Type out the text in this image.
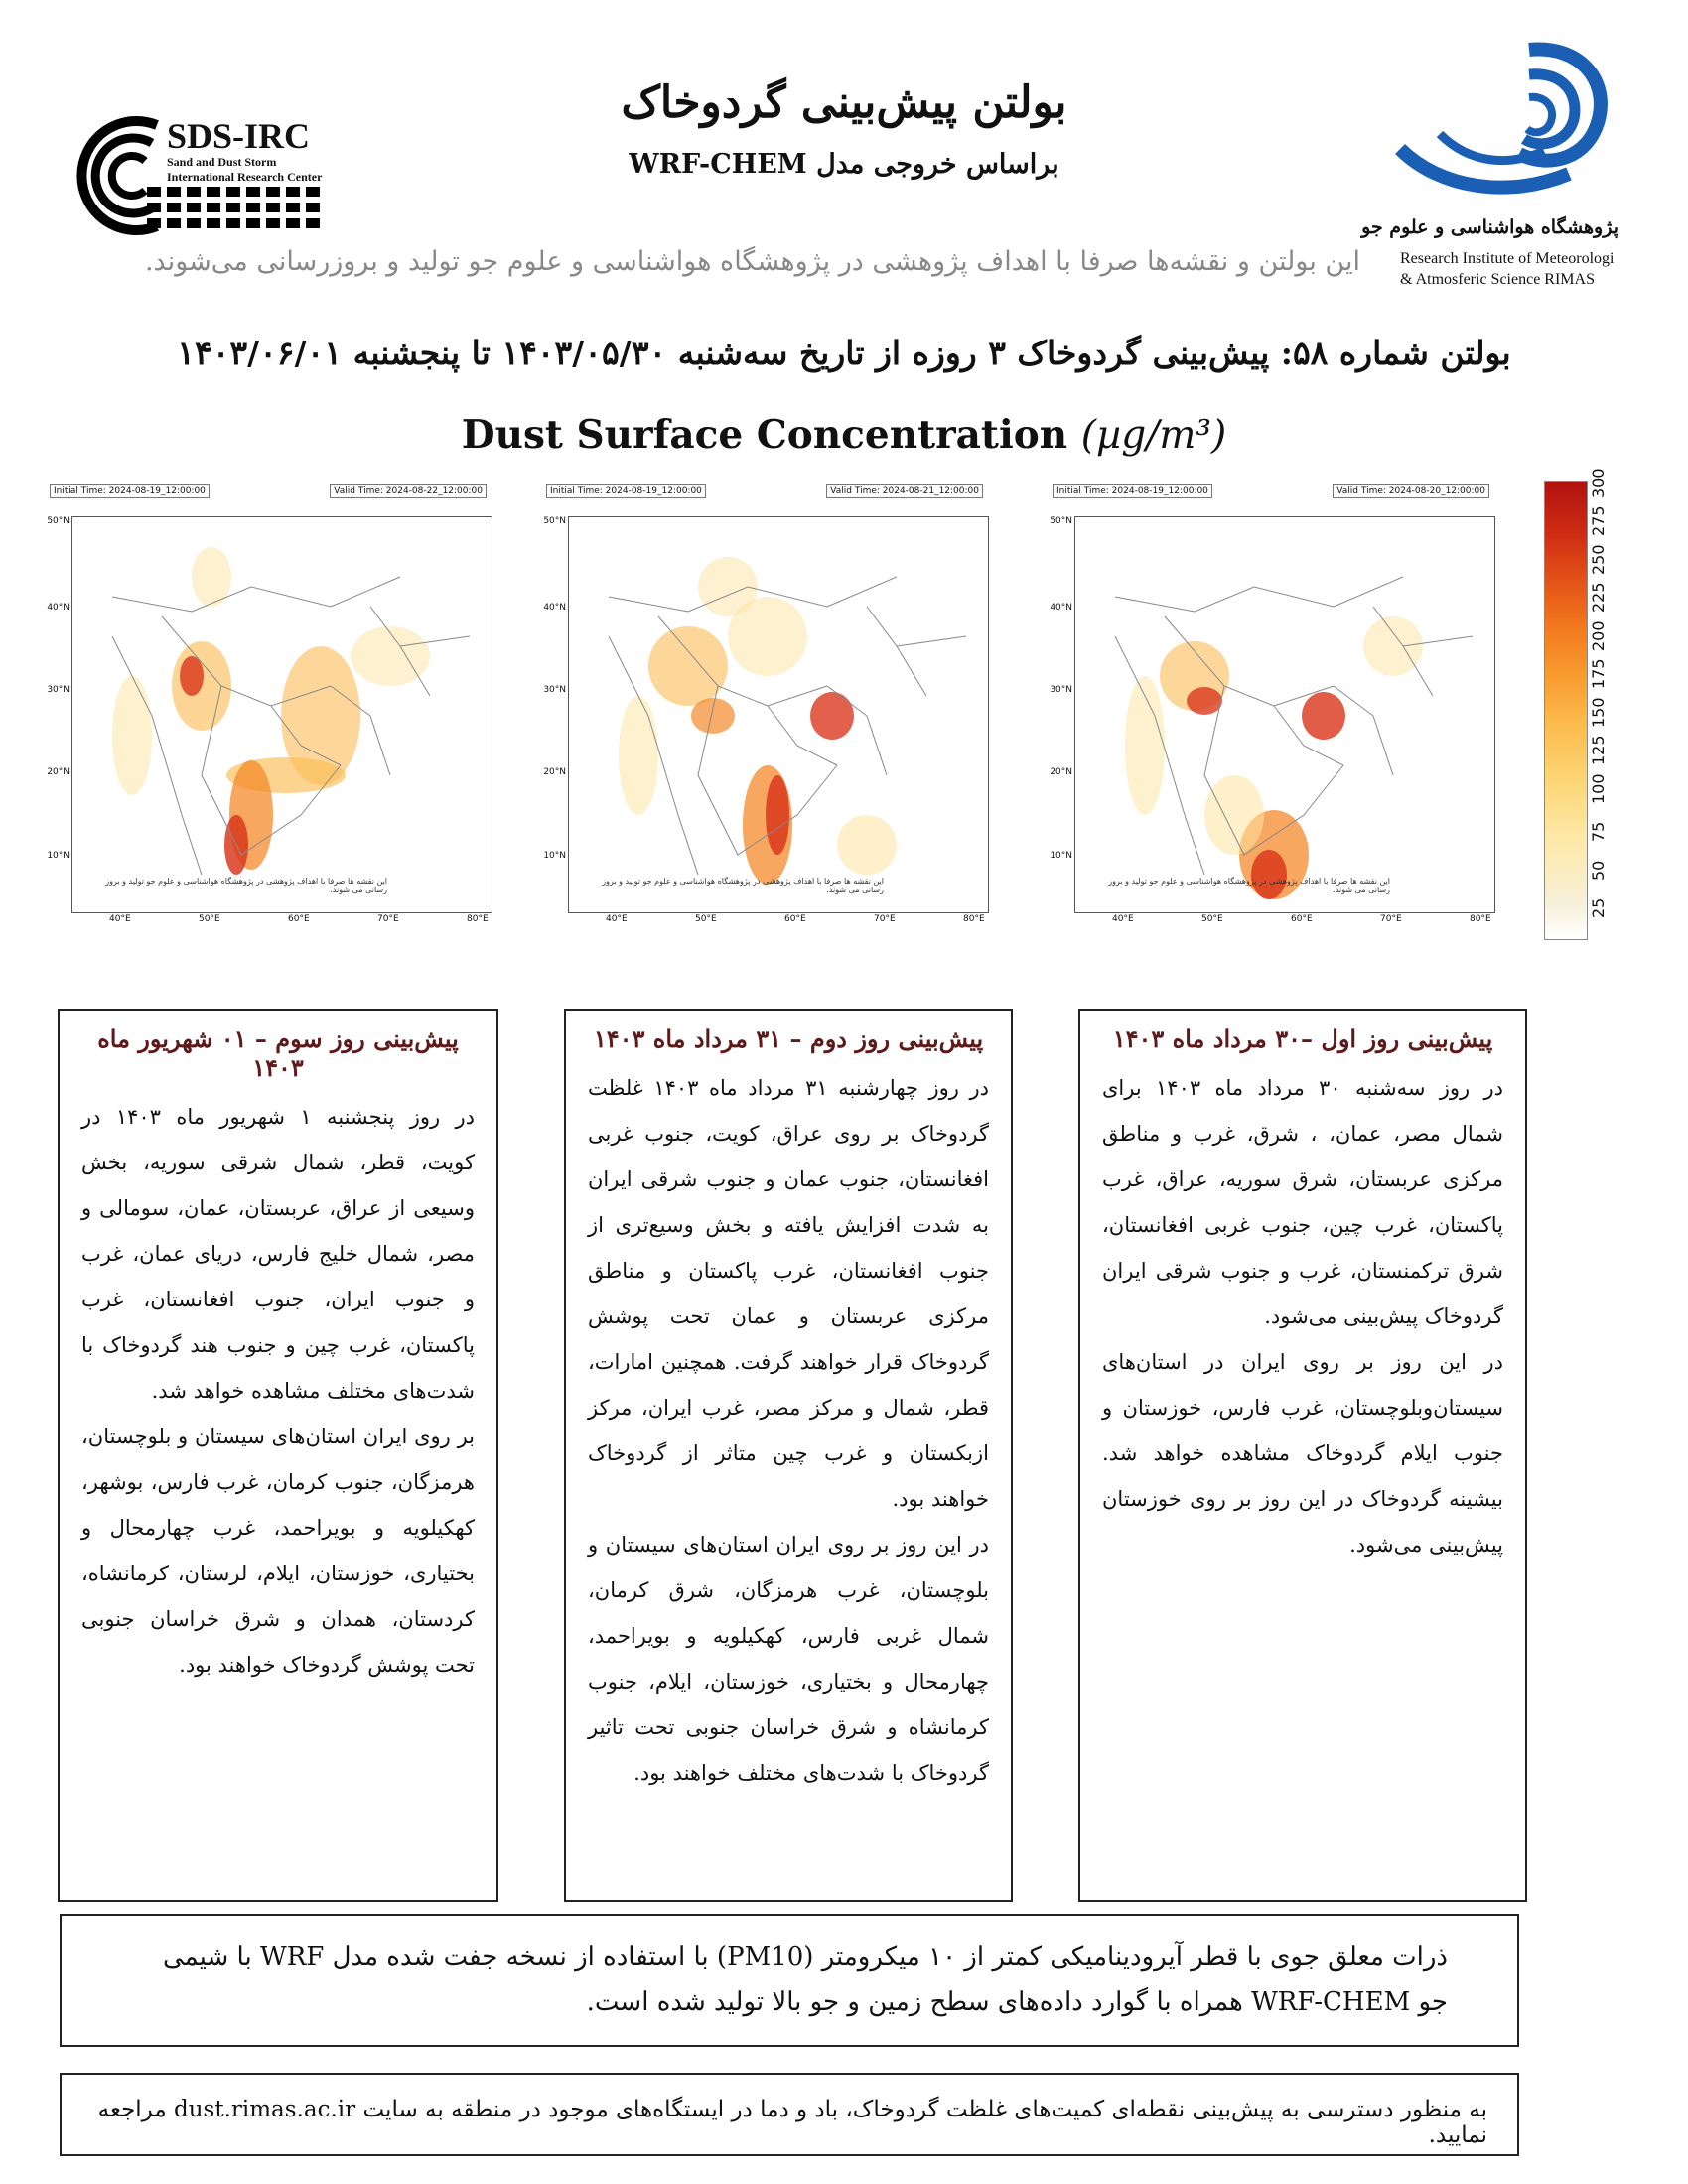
SDS-IRC
Sand and Dust Storm
International Research Center
پژوهشگاه هواشناسی و علوم جو
Research Institute of Meteorologi
& Atmosferic Science RIMAS
بولتن پیش‌بینی گردوخاک
براساس خروجی مدل WRF-CHEM
این بولتن و نقشه‌ها صرفا با اهداف پژوهشی در پژوهشگاه هواشناسی و علوم جو تولید و بروزرسانی می‌شوند.
بولتن شماره ۵۸: پیش‌بینی گردوخاک ۳ روزه از تاریخ سه‌شنبه ۱۴۰۳/۰۵/۳۰ تا پنجشنبه ۱۴۰۳/۰۶/۰۱
Dust Surface Concentration (µg/m³)
Initial Time: 2024-08-19_12:00:00	Valid Time: 2024-08-22_12:00:00
این نقشه ها صرفا با اهداف پژوهشی در پژوهشگاه هواشناسی و علوم جو تولید و بروز رسانی می شوند.
50°N
40°N
30°N
20°N
10°N
40°E	50°E	60°E	70°E	80°E
Initial Time: 2024-08-19_12:00:00	Valid Time: 2024-08-21_12:00:00
این نقشه ها صرفا با اهداف پژوهشی در پژوهشگاه هواشناسی و علوم جو تولید و بروز رسانی می شوند.
50°N
40°N
30°N
20°N
10°N
40°E	50°E	60°E	70°E	80°E
Initial Time: 2024-08-19_12:00:00	Valid Time: 2024-08-20_12:00:00
این نقشه ها صرفا با اهداف پژوهشی در پژوهشگاه هواشناسی و علوم جو تولید و بروز رسانی می شوند.
50°N
40°N
30°N
20°N
10°N
40°E	50°E	60°E	70°E	80°E
25
50
75
100
125
150
175
200
225
250
275
300
پیش‌بینی روز سوم – ۰۱ شهریور ماه ۱۴۰۳

در روز پنجشنبه ۱ شهریور ماه ۱۴۰۳ در کویت، قطر، شمال شرقی سوریه، بخش وسیعی از عراق، عربستان، عمان، سومالی و مصر، شمال خلیج فارس، دریای عمان، غرب و جنوب ایران، جنوب افغانستان، غرب پاکستان، غرب چین و جنوب هند گردوخاک با شدت‌های مختلف مشاهده خواهد شد.

بر روی ایران استان‌های سیستان و بلوچستان، هرمزگان، جنوب کرمان، غرب فارس، بوشهر، کهکیلویه و بویراحمد، غرب چهارمحال و بختیاری، خوزستان، ایلام، لرستان، کرمانشاه، کردستان، همدان و شرق خراسان جنوبی تحت پوشش گردوخاک خواهند بود.

پیش‌بینی روز دوم – ۳۱ مرداد ماه ۱۴۰۳

در روز چهارشنبه ۳۱ مرداد ماه ۱۴۰۳ غلظت گردوخاک بر روی عراق، کویت، جنوب غربی افغانستان، جنوب عمان و جنوب شرقی ایران به شدت افزایش یافته و بخش وسیع‌تری از جنوب افغانستان، غرب پاکستان و مناطق مرکزی عربستان و عمان تحت پوشش گردوخاک قرار خواهند گرفت. همچنین امارات، قطر، شمال و مرکز مصر، غرب ایران، مرکز ازبکستان و غرب چین متاثر از گردوخاک خواهند بود.

در این روز بر روی ایران استان‌های سیستان و بلوچستان، غرب هرمزگان، شرق کرمان، شمال غربی فارس، کهکیلویه و بویراحمد، چهارمحال و بختیاری، خوزستان، ایلام، جنوب کرمانشاه و شرق خراسان جنوبی تحت تاثیر گردوخاک با شدت‌های مختلف خواهند بود.

پیش‌بینی روز اول –۳۰ مرداد ماه ۱۴۰۳

در روز سه‌شنبه ۳۰ مرداد ماه ۱۴۰۳ برای شمال مصر، عمان، ، شرق، غرب و مناطق مرکزی عربستان، شرق سوریه، عراق، غرب پاکستان، غرب چین، جنوب غربی افغانستان، شرق ترکمنستان، غرب و جنوب شرقی ایران گردوخاک پیش‌بینی می‌شود.

در این روز بر روی ایران در استان‌های سیستان‌وبلوچستان، غرب فارس، خوزستان و جنوب ایلام گردوخاک مشاهده خواهد شد. بیشینه گردوخاک در این روز بر روی خوزستان پیش‌بینی می‌شود.

ذرات معلق جوی با قطر آیرودینامیکی کمتر از ۱۰ میکرومتر (PM10) با استفاده از نسخه جفت شده مدل WRF با شیمی جو WRF-CHEM همراه با گوارد داده‌های سطح زمین و جو بالا تولید شده است.

به منظور دسترسی به پیش‌بینی نقطه‌ای کمیت‌های غلظت گردوخاک، باد و دما در ایستگاه‌های موجود در منطقه به سایت dust.rimas.ac.ir مراجعه نمایید.
